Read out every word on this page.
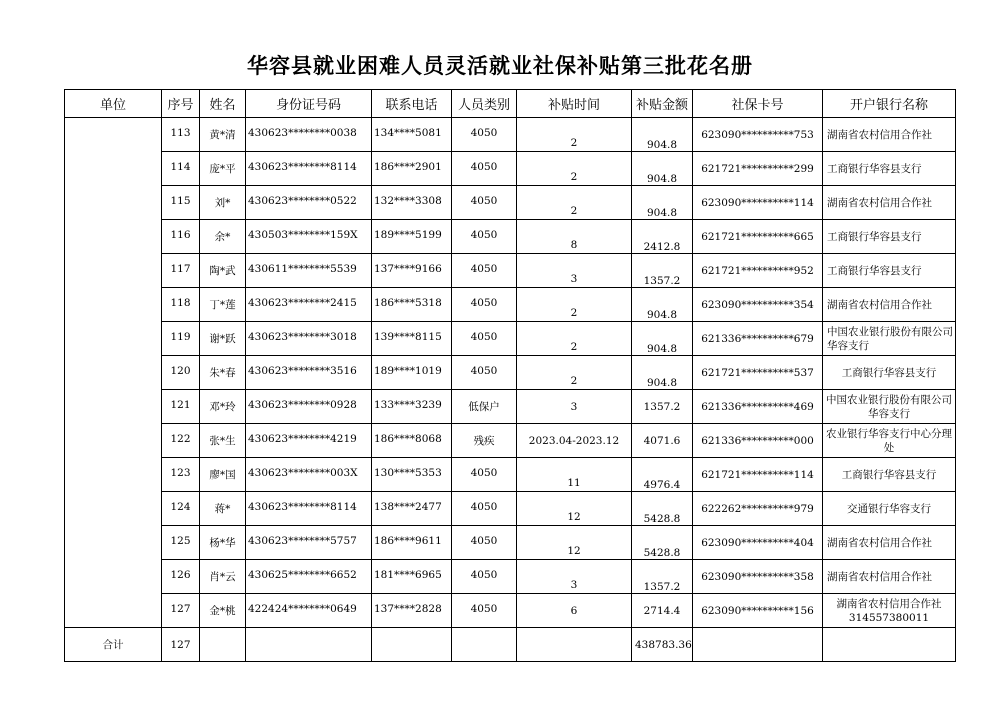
华容县就业困难人员灵活就业社保补贴第三批花名册
单位	序号	姓名	身份证号码	联系电话	人员类别	补贴时间	补贴金额	社保卡号	开户银行名称
	113	黄*清	430623********0038	134****5081	4050	2	904.8	623090**********753	湖南省农村信用合作社
	114	庞*平	430623********8114	186****2901	4050	2	904.8	621721**********299	工商银行华容县支行
	115	刘*	430623********0522	132****3308	4050	2	904.8	623090**********114	湖南省农村信用合作社
	116	余*	430503********159X	189****5199	4050	8	2412.8	621721**********665	工商银行华容县支行
	117	陶*武	430611********5539	137****9166	4050	3	1357.2	621721**********952	工商银行华容县支行
	118	丁*莲	430623********2415	186****5318	4050	2	904.8	623090**********354	湖南省农村信用合作社
	119	谢*跃	430623********3018	139****8115	4050	2	904.8	621336**********679	中国农业银行股份有限公司华容支行
	120	朱*春	430623********3516	189****1019	4050	2	904.8	621721**********537	工商银行华容县支行
	121	邓*玲	430623********0928	133****3239	低保户	3	1357.2	621336**********469	中国农业银行股份有限公司华容支行
	122	张*生	430623********4219	186****8068	残疾	2023.04-2023.12	4071.6	621336**********000	农业银行华容支行中心分理处
	123	廖*国	430623********003X	130****5353	4050	11	4976.4	621721**********114	工商银行华容县支行
	124	蒋*	430623********8114	138****2477	4050	12	5428.8	622262**********979	交通银行华容支行
	125	杨*华	430623********5757	186****9611	4050	12	5428.8	623090**********404	湖南省农村信用合作社
	126	肖*云	430625********6652	181****6965	4050	3	1357.2	623090**********358	湖南省农村信用合作社
	127	金*桃	422424********0649	137****2828	4050	6	2714.4	623090**********156	湖南省农村信用合作社314557380011
合计	127						438783.36		
